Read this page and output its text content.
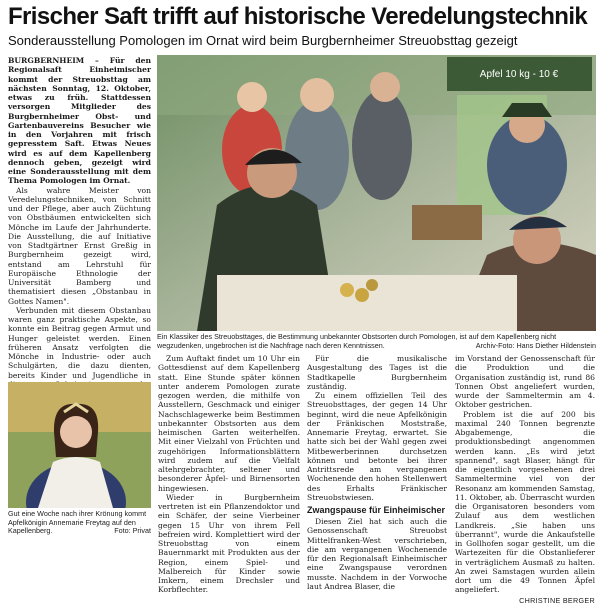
Frischer Saft trifft auf historische Veredelungstechnik
Sonderausstellung Pomologen im Ornat wird beim Burgbernheimer Streuobsttag gezeigt

BURGBERNHEIM – Für den Regionalsaft Einheimischer kommt der Streuobsttag am nächsten Sonntag, 12. Oktober, etwas zu früh. Stattdessen versorgen Mitglieder des Burgbernheimer Obst- und Gartenbauvereins Besucher wie in den Vorjahren mit frisch gepresstem Saft. Etwas Neues wird es auf dem Kapellenberg dennoch geben, gezeigt wird eine Sonderausstellung mit dem Thema Pomologen im Ornat.

Als wahre Meister von Veredelungstechniken, von Schnitt und der Pflege, aber auch Züchtung von Obstbäumen entwickelten sich Mönche im Laufe der Jahrhunderte. Die Ausstellung, die auf Initiative von Stadtgärtner Ernst Greßig in Burgbernheim gezeigt wird, entstand am Lehrstuhl für Europäische Ethnologie der Universität Bamberg und thematisiert diesen „Obstanbau in Gottes Namen".

Verbunden mit diesem Obstanbau waren ganz praktische Aspekte, so konnte ein Beitrag gegen Armut und Hunger geleistet werden. Einen früheren Ansatz verfolgten die Mönche in Industrie- oder auch Schulgärten, die dazu dienten, bereits Kinder und Jugendliche in

Apfel 10 kg - 10 €
Ein Klassiker des Streuobsttages, die Bestimmung unbekannter Obstsorten durch Pomologen, ist auf dem Kapellenberg nicht wegzudenken, ungebrochen ist die Nachfrage nach deren Kenntnissen.	Archiv-Foto: Hans Diether Hildenstein
Gut eine Woche nach ihrer Krönung kommt Apfelkönigin Annemarie Freytag auf den Kapellenberg.	Foto: Privat

Zum Auftakt findet um 10 Uhr ein Gottesdienst auf dem Kapellenberg statt. Eine Stunde später können unter anderem Pomologen zurate gezogen werden, die mithilfe von Ausstellern, Geschmack und einiger Nachschlagewerke beim Bestimmen unbekannter Obstsorten aus dem heimischen Garten weiterhelfen. Mit einer Vielzahl von Früchten und zugehörigen Informationsblättern wird zudem auf die Vielfalt altehrgebrachter, seltener und besonderer Äpfel- und Birnensorten hingewiesen.

Wieder in Burgbernheim vertreten ist ein Pflanzendoktor und ein Schäfer, der seine Vierbeiner gegen 15 Uhr von ihrem Fell befreien wird. Komplettiert wird der Streuobsttag von einem Bauernmarkt mit Produkten aus der Region, einem Spiel- und Malbereich für Kinder sowie Imkern, einem Drechsler und Korbflechter.

Für die musikalische Ausgestaltung des Tages ist die Stadtkapelle Burgbernheim zuständig.

Zu einem offiziellen Teil des Streuobsttages, der gegen 14 Uhr beginnt, wird die neue Apfelkönigin der Fränkischen Moststraße, Annemarie Freytag, erwartet. Sie hatte sich bei der Wahl gegen zwei Mitbewerberinnen durchsetzen können und betonte bei ihrer Antrittsrede am vergangenen Wochenende den hohen Stellenwert des Erhalts Fränkischer Streuobstwiesen.

Zwangspause für Einheimischer

Diesen Ziel hat sich auch die Genossenschaft Streuobst Mittelfranken-West verschrieben, die am vergangenen Wochenende für den Regionalsaft Einheimischer eine Zwangspause verordnen musste. Nachdem in der Vorwoche laut Andrea Blaser, die

im Vorstand der Genossenschaft für die Produktion und die Organisation zuständig ist, rund 86 Tonnen Obst angeliefert wurden, wurde der Sammeltermin am 4. Oktober gestrichen.

Problem ist die auf 200 bis maximal 240 Tonnen begrenzte Abgabemenge, die produktionsbedingt angenommen werden kann. „Es wird jetzt spannend", sagt Blaser, hängt für die eigentlich vorgesehenen drei Sammeltermine viel von der Resonanz am kommenden Samstag, 11. Oktober, ab. Überrascht wurden die Organisatoren besonders vom Zulauf aus dem westlichen Landkreis. „Sie haben uns überrannt", wurde die Ankaufstelle in Gollhofen sogar gestellt, um die Wartezeiten für die Obstanlieferer in verträglichem Ausmaß zu halten. An zwei Samstagen wurden allein dort um die 49 Tonnen Äpfel angeliefert.

CHRISTINE BERGER
